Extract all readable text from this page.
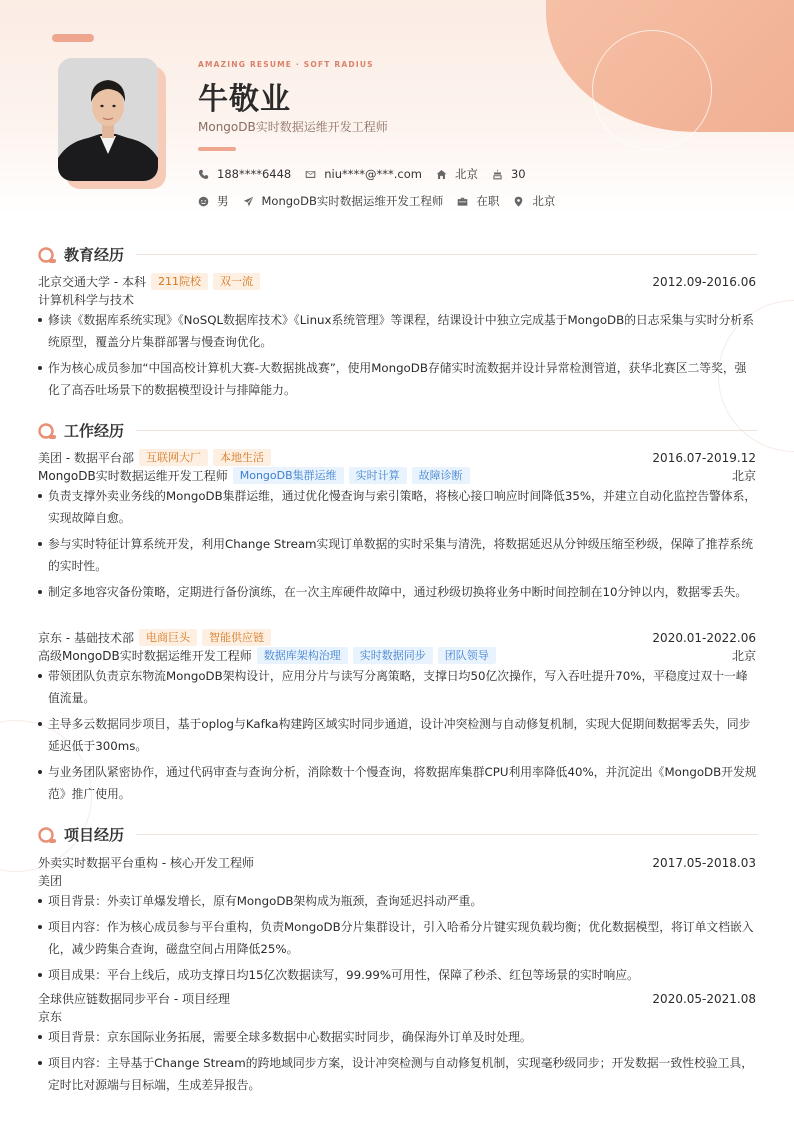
AMAZING RESUME · SOFT RADIUS
牛敬业
MongoDB实时数据运维开发工程师
188****6448	niu****@***.com	北京	30
男	MongoDB实时数据运维开发工程师	在职	北京
教育经历
北京交通大学 - 本科	211院校	双一流	2012.09-2016.06
计算机科学与技术
修读《数据库系统实现》《NoSQL数据库技术》《Linux系统管理》等课程，结课设计中独立完成基于MongoDB的日志采集与实时分析系统原型，覆盖分片集群部署与慢查询优化。
作为核心成员参加“中国高校计算机大赛-大数据挑战赛”，使用MongoDB存储实时流数据并设计异常检测管道，获华北赛区二等奖，强化了高吞吐场景下的数据模型设计与排障能力。
工作经历
美团 - 数据平台部	互联网大厂	本地生活	2016.07-2019.12
MongoDB实时数据运维开发工程师	MongoDB集群运维	实时计算	故障诊断	北京
负责支撑外卖业务线的MongoDB集群运维，通过优化慢查询与索引策略，将核心接口响应时间降低35%，并建立自动化监控告警体系，实现故障自愈。
参与实时特征计算系统开发，利用Change Stream实现订单数据的实时采集与清洗，将数据延迟从分钟级压缩至秒级，保障了推荐系统的实时性。
制定多地容灾备份策略，定期进行备份演练，在一次主库硬件故障中，通过秒级切换将业务中断时间控制在10分钟以内，数据零丢失。
京东 - 基础技术部	电商巨头	智能供应链	2020.01-2022.06
高级MongoDB实时数据运维开发工程师	数据库架构治理	实时数据同步	团队领导	北京
带领团队负责京东物流MongoDB架构设计，应用分片与读写分离策略，支撑日均50亿次操作，写入吞吐提升70%，平稳度过双十一峰值流量。
主导多云数据同步项目，基于oplog与Kafka构建跨区域实时同步通道，设计冲突检测与自动修复机制，实现大促期间数据零丢失，同步延迟低于300ms。
与业务团队紧密协作，通过代码审查与查询分析，消除数十个慢查询，将数据库集群CPU利用率降低40%，并沉淀出《MongoDB开发规范》推广使用。
项目经历
外卖实时数据平台重构 - 核心开发工程师	2017.05-2018.03
美团
项目背景：外卖订单爆发增长，原有MongoDB架构成为瓶颈，查询延迟抖动严重。
项目内容：作为核心成员参与平台重构，负责MongoDB分片集群设计，引入哈希分片键实现负载均衡；优化数据模型，将订单文档嵌入化，减少跨集合查询，磁盘空间占用降低25%。
项目成果：平台上线后，成功支撑日均15亿次数据读写，99.99%可用性，保障了秒杀、红包等场景的实时响应。
全球供应链数据同步平台 - 项目经理	2020.05-2021.08
京东
项目背景：京东国际业务拓展，需要全球多数据中心数据实时同步，确保海外订单及时处理。
项目内容：主导基于Change Stream的跨地域同步方案，设计冲突检测与自动修复机制，实现毫秒级同步；开发数据一致性校验工具，定时比对源端与目标端，生成差异报告。
